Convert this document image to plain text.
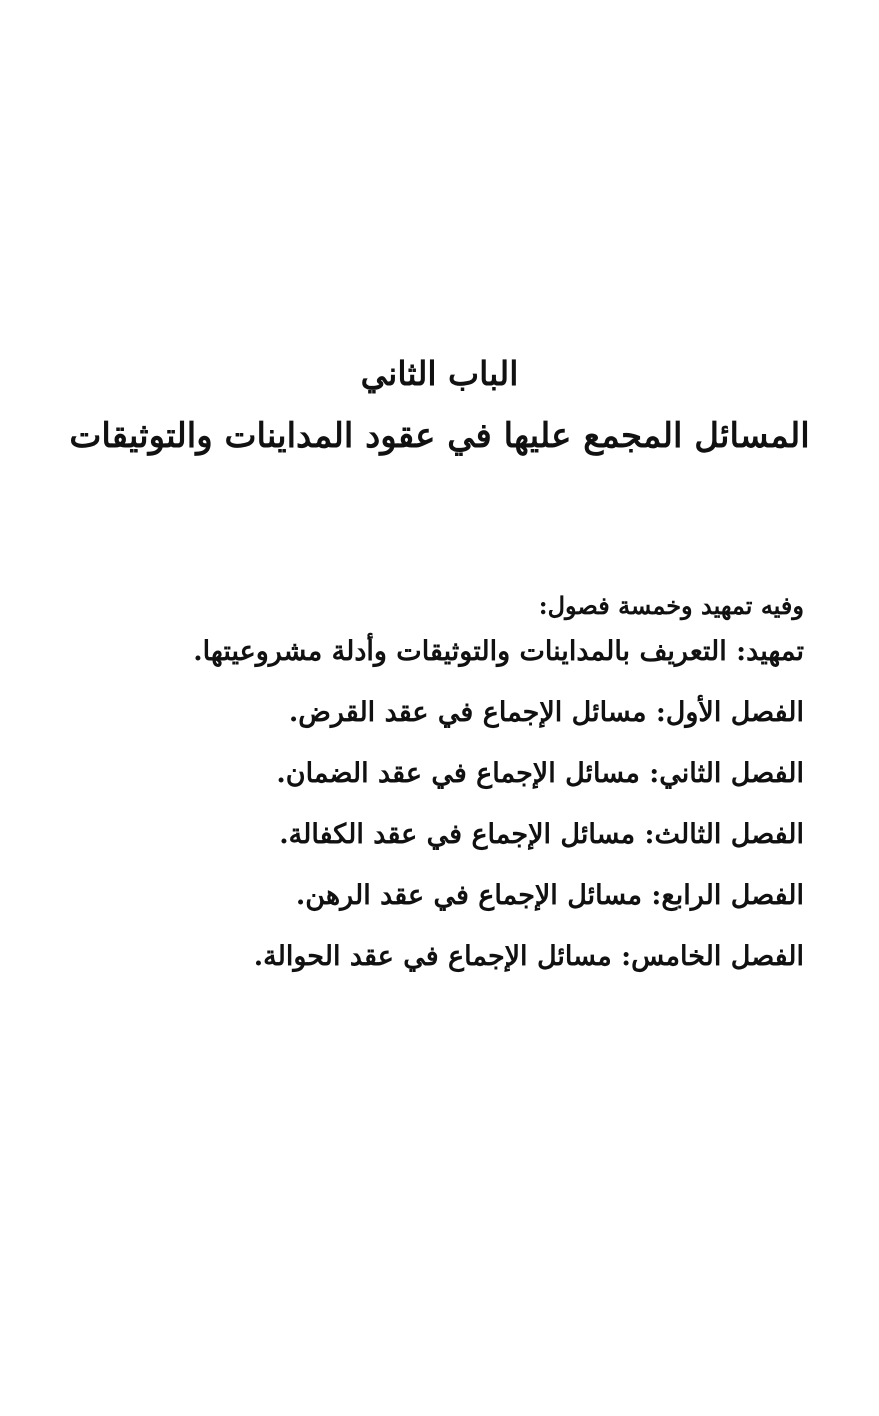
الباب الثاني
المسائل المجمع عليها في عقود المداينات والتوثيقات

وفيه تمهيد وخمسة فصول:

تمهيد : التعريف بالمداينات والتوثيقات وأدلة مشروعيتها .
الفصل الأول : مسائل الإجماع في عقد القرض .
الفصل الثاني : مسائل الإجماع في عقد الضمان .
الفصل الثالث : مسائل الإجماع في عقد الكفالة .
الفصل الرابع : مسائل الإجماع في عقد الرهن .
الفصل الخامس : مسائل الإجماع في عقد الحوالة .
